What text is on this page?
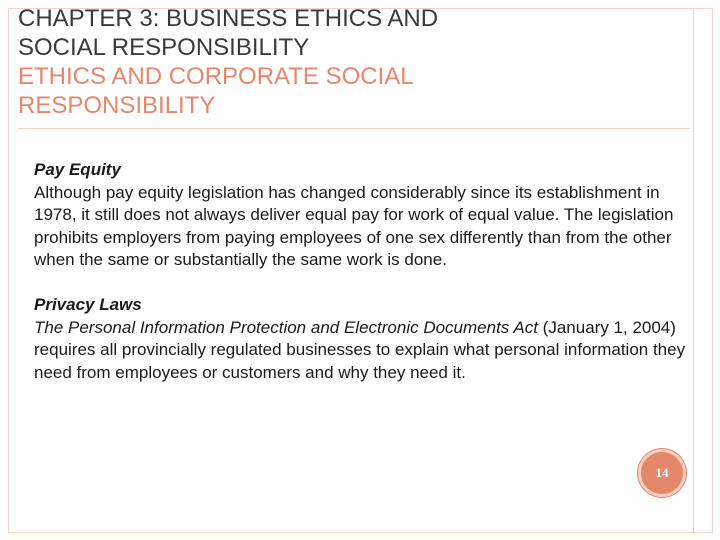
CHAPTER 3: BUSINESS ETHICS AND
SOCIAL RESPONSIBILITY
ETHICS AND CORPORATE SOCIAL
RESPONSIBILITY
Pay Equity
Although pay equity legislation has changed considerably since its establishment in 1978, it still does not always deliver equal pay for work of equal value. The legislation prohibits employers from paying employees of one sex differently than from the other when the same or substantially the same work is done.
Privacy Laws
The Personal Information Protection and Electronic Documents Act (January 1, 2004) requires all provincially regulated businesses to explain what personal information they need from employees or customers and why they need it.
14
